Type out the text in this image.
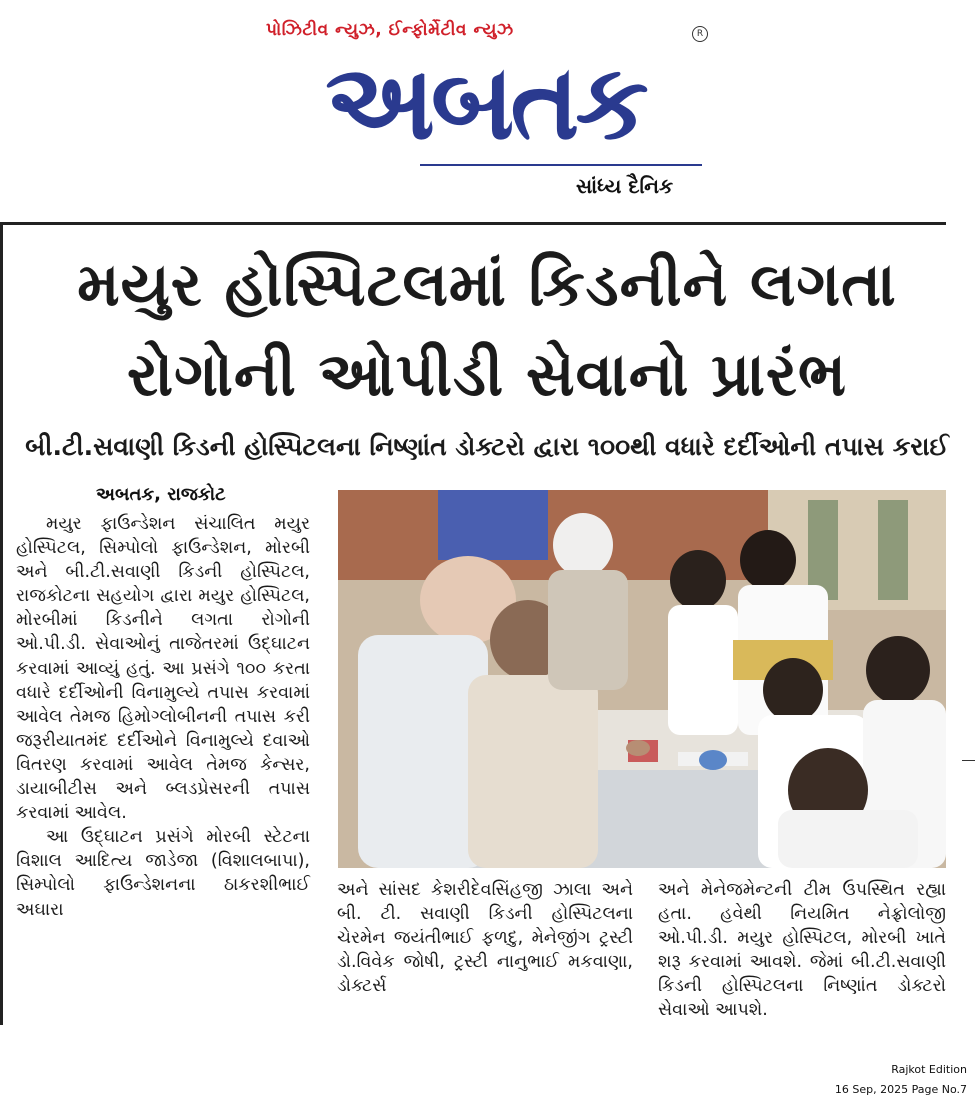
પોઝિટીવ ન્યુઝ, ઈન્ફોર્મેટીવ ન્યુઝ	R
અબતક
સાંધ્ય દૈનિક
મયુર હોસ્પિટલમાં કિડનીને લગતા
રોગોની ઓપીડી સેવાનો પ્રારંભ
બી.ટી.સવાણી કિડની હોસ્પિટલના નિષ્ણાંત ડોક્ટરો દ્વારા ૧૦૦થી વધારે દર્દીઓની તપાસ કરાઈ
અબતક, રાજકોટ

મયુર ફાઉન્ડેશન સંચાલિત મયુર હોસ્પિટલ, સિમ્પોલો ફાઉન્ડેશન, મોરબી અને બી.ટી.સવાણી કિડની હોસ્પિટલ, રાજકોટના સહયોગ દ્વારા મયુર હોસ્પિટલ, મોરબીમાં કિડનીને લગતા રોગોની ઓ.પી.ડી. સેવાઓનું તાજેતરમાં ઉદ્ઘાટન કરવામાં આવ્યું હતું. આ પ્રસંગે ૧૦૦ કરતા વધારે દર્દીઓની વિનામુલ્યે તપાસ કરવામાં આવેલ તેમજ હિમોગ્લોબીનની તપાસ કરી જરૂરીયાતમંદ દર્દીઓને વિનામુલ્યે દવાઓ વિતરણ કરવામાં આવેલ તેમજ કેન્સર, ડાયાબીટીસ અને બ્લડપ્રેસરની તપાસ કરવામાં આવેલ.

આ ઉદ્ઘાટન પ્રસંગે મોરબી સ્ટેટના વિશાલ આદિત્ય જાડેજા (વિશાલબાપા), સિમ્પોલો ફાઉન્ડેશનના ઠાકરશીભાઈ અઘારા

અને સાંસદ કેશરીદેવસિંહજી ઝાલા અને બી. ટી. સવાણી કિડની હોસ્પિટલના ચેરમેન જયંતીભાઈ ફળદુ, મેનેજીંગ ટ્રસ્ટી ડો.વિવેક જોષી, ટ્રસ્ટી નાનુભાઈ મકવાણા, ડોક્ટર્સ

અને મેનેજમેન્ટની ટીમ ઉપસ્થિત રહ્યા હતા. હવેથી નિયમિત નેફ્રોલોજી ઓ.પી.ડી. મયુર હોસ્પિટલ, મોરબી ખાતે શરૂ કરવામાં આવશે. જેમાં બી.ટી.સવાણી કિડની હોસ્પિટલના નિષ્ણાંત ડોક્ટરો સેવાઓ આપશે.

Rajkot Edition
16 Sep, 2025 Page No.7
